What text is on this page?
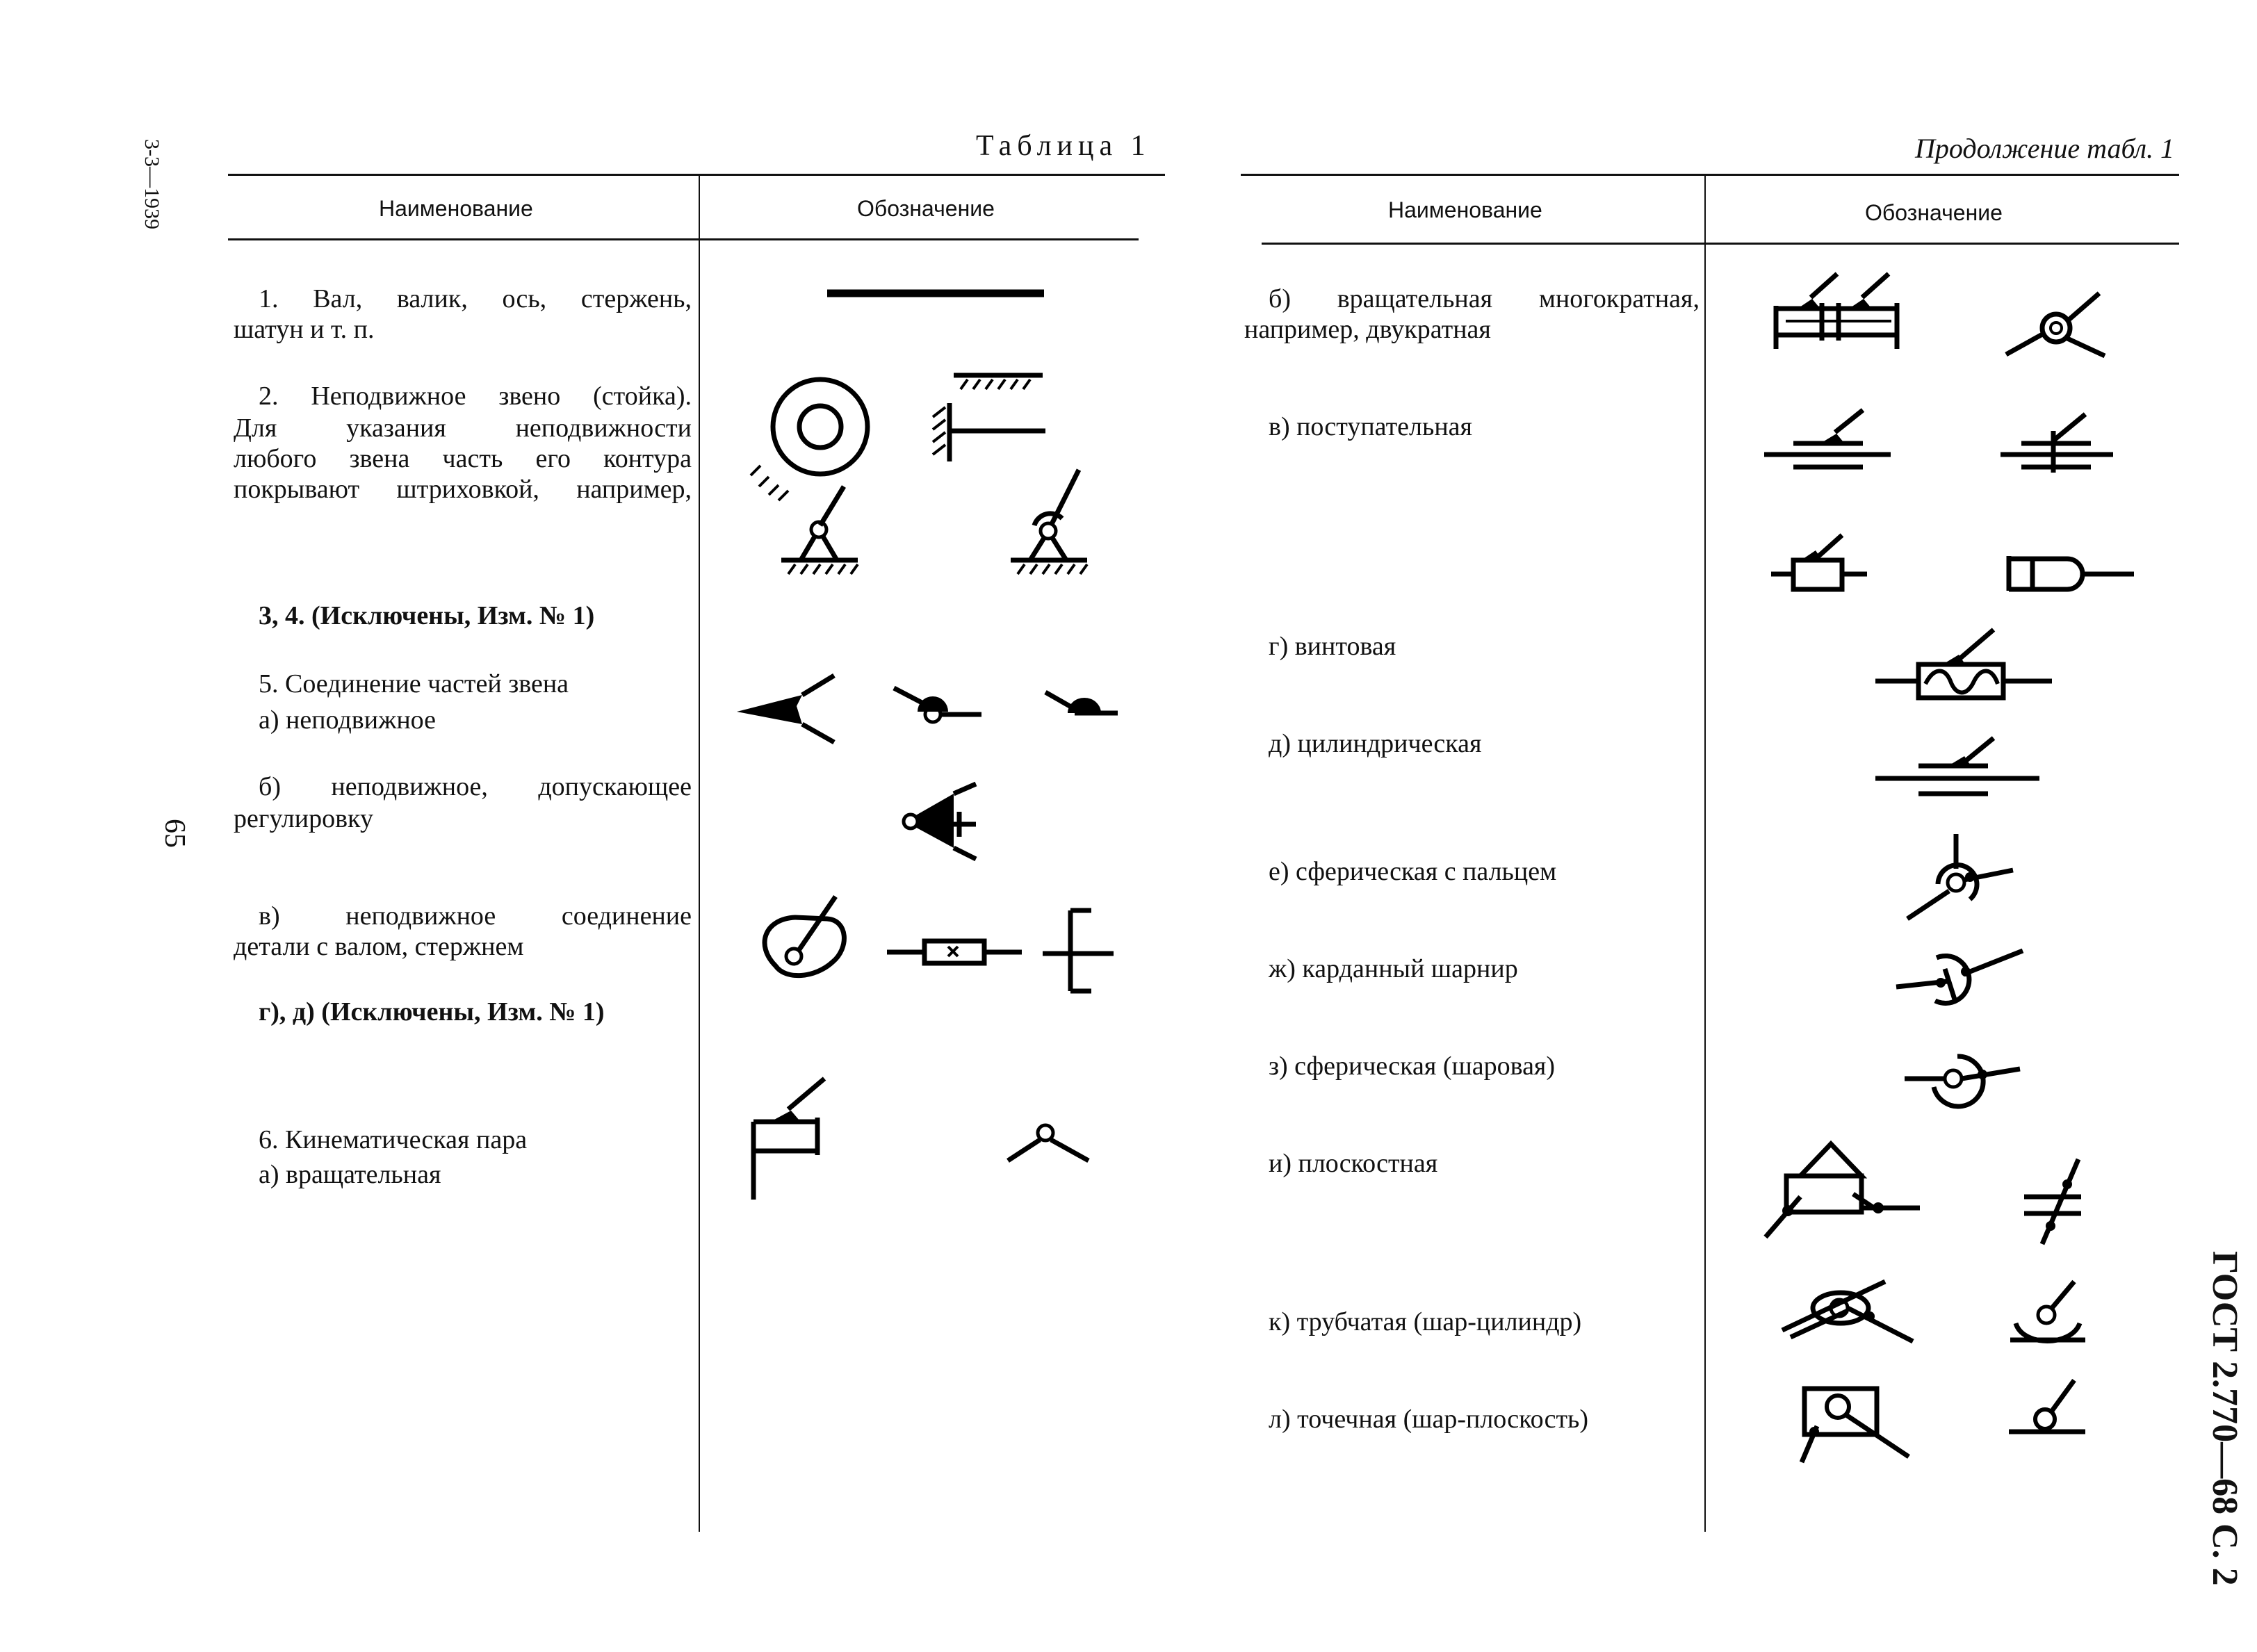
3-3—1939
65
ГОСТ 2.770—68 С. 2
Таблица 1
Наименование	Обозначение
1. Вал, валик, ось, стержень,
шатун и т. п.
2. Неподвижное звено (стойка).
Для указания неподвижности
любого звена часть его контура
покрывают штриховкой, например,
3, 4. (Исключены, Изм. № 1)
5. Соединение частей звена
а) неподвижное
б) неподвижное, допускающее
регулировку
в) неподвижное соединение
детали с валом, стержнем
г), д) (Исключены, Изм. № 1)
6. Кинематическая пара
а) вращательная
Продолжение табл. 1
Наименование	Обозначение
б) вращательная многократная,
например, двукратная
в) поступательная
г) винтовая
д) цилиндрическая
е) сферическая с пальцем
ж) карданный шарнир
з) сферическая (шаровая)
и) плоскостная
к) трубчатая (шар-цилиндр)
л) точечная (шар-плоскость)
